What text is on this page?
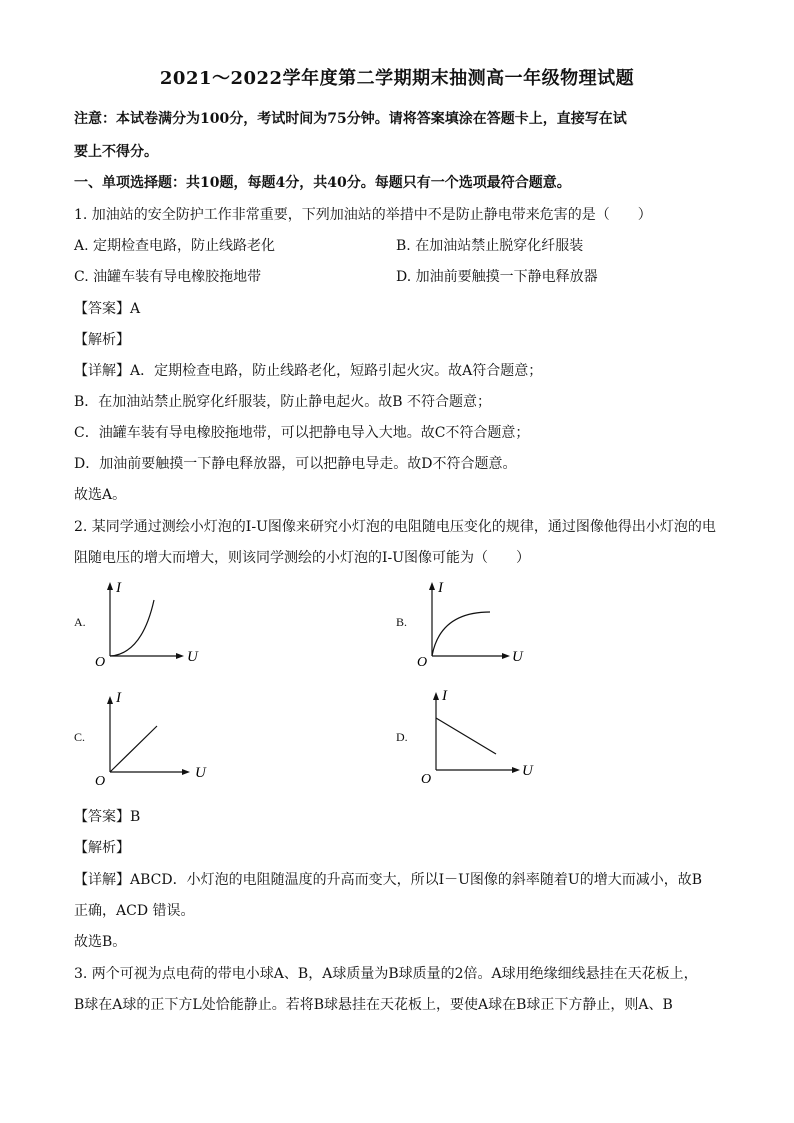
2021～2022学年度第二学期期末抽测高一年级物理试题
注意：本试卷满分为100分，考试时间为75分钟。请将答案填涂在答题卡上，直接写在试
要上不得分。
一、单项选择题：共10题，每题4分，共40分。每题只有一个选项最符合题意。
1. 加油站的安全防护工作非常重要，下列加油站的举措中不是防止静电带来危害的是（　　）
A. 定期检查电路，防止线路老化	B. 在加油站禁止脱穿化纤服装
C. 油罐车装有导电橡胶拖地带	D. 加油前要触摸一下静电释放器
【答案】A
【解析】
【详解】A．定期检查电路，防止线路老化，短路引起火灾。故A符合题意；
B．在加油站禁止脱穿化纤服装，防止静电起火。故B 不符合题意；
C．油罐车装有导电橡胶拖地带，可以把静电导入大地。故C不符合题意；
D．加油前要触摸一下静电释放器，可以把静电导走。故D不符合题意。
故选A。
2. 某同学通过测绘小灯泡的I-U图像来研究小灯泡的电阻随电压变化的规律，通过图像他得出小灯泡的电
阻随电压的增大而增大，则该同学测绘的小灯泡的I-U图像可能为（　　）
A.
I
U
O
B.
I
U
O
C.
I
U
O
D.
I
U
O
【答案】B
【解析】
【详解】ABCD．小灯泡的电阻随温度的升高而变大，所以I－U图像的斜率随着U的增大而减小，故B
正确，ACD 错误。
故选B。
3. 两个可视为点电荷的带电小球A、B，A球质量为B球质量的2倍。A球用绝缘细线悬挂在天花板上，
B球在A球的正下方L处恰能静止。若将B球悬挂在天花板上，要使A球在B球正下方静止，则A、B
